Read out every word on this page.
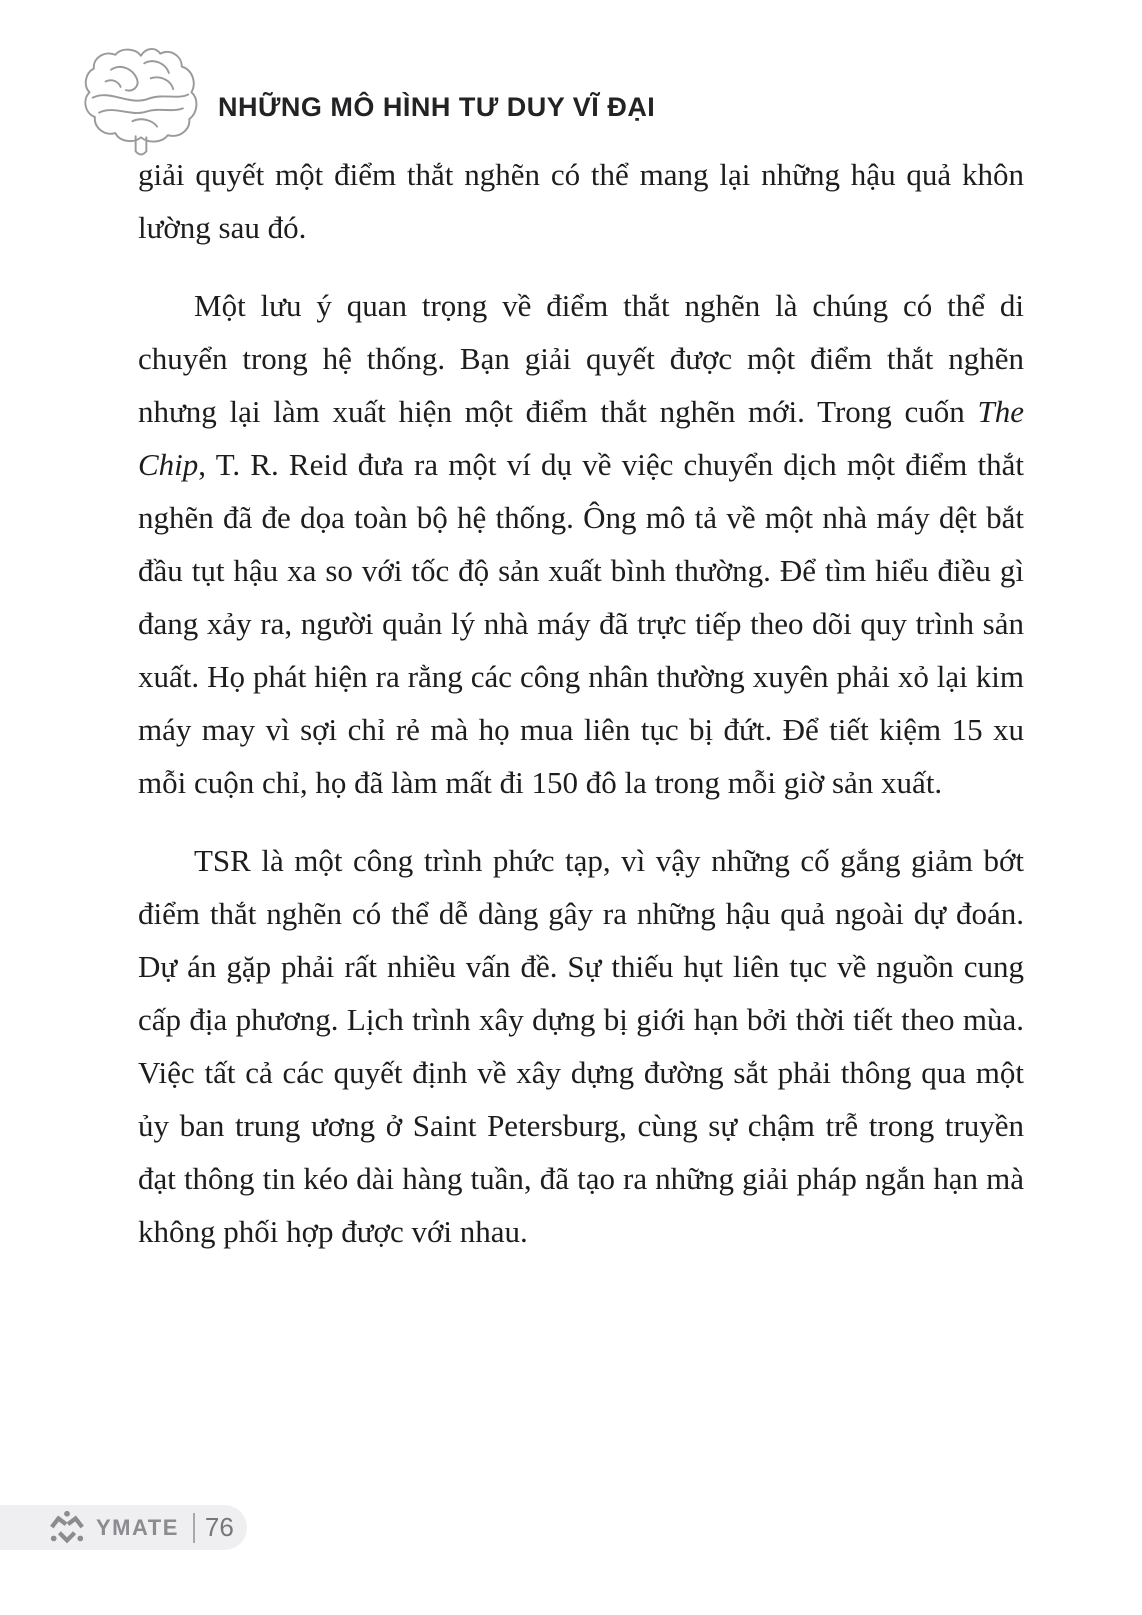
NHỮNG MÔ HÌNH TƯ DUY VĨ ĐẠI

giải quyết một điểm thắt nghẽn có thể mang lại những hậu quả khôn lường sau đó.

Một lưu ý quan trọng về điểm thắt nghẽn là chúng có thể di chuyển trong hệ thống. Bạn giải quyết được một điểm thắt nghẽn nhưng lại làm xuất hiện một điểm thắt nghẽn mới. Trong cuốn The Chip, T. R. Reid đưa ra một ví dụ về việc chuyển dịch một điểm thắt nghẽn đã đe dọa toàn bộ hệ thống. Ông mô tả về một nhà máy dệt bắt đầu tụt hậu xa so với tốc độ sản xuất bình thường. Để tìm hiểu điều gì đang xảy ra, người quản lý nhà máy đã trực tiếp theo dõi quy trình sản xuất. Họ phát hiện ra rằng các công nhân thường xuyên phải xỏ lại kim máy may vì sợi chỉ rẻ mà họ mua liên tục bị đứt. Để tiết kiệm 15 xu mỗi cuộn chỉ, họ đã làm mất đi 150 đô la trong mỗi giờ sản xuất.

TSR là một công trình phức tạp, vì vậy những cố gắng giảm bớt điểm thắt nghẽn có thể dễ dàng gây ra những hậu quả ngoài dự đoán. Dự án gặp phải rất nhiều vấn đề. Sự thiếu hụt liên tục về nguồn cung cấp địa phương. Lịch trình xây dựng bị giới hạn bởi thời tiết theo mùa. Việc tất cả các quyết định về xây dựng đường sắt phải thông qua một ủy ban trung ương ở Saint Petersburg, cùng sự chậm trễ trong truyền đạt thông tin kéo dài hàng tuần, đã tạo ra những giải pháp ngắn hạn mà không phối hợp được với nhau.

YMATE 76
